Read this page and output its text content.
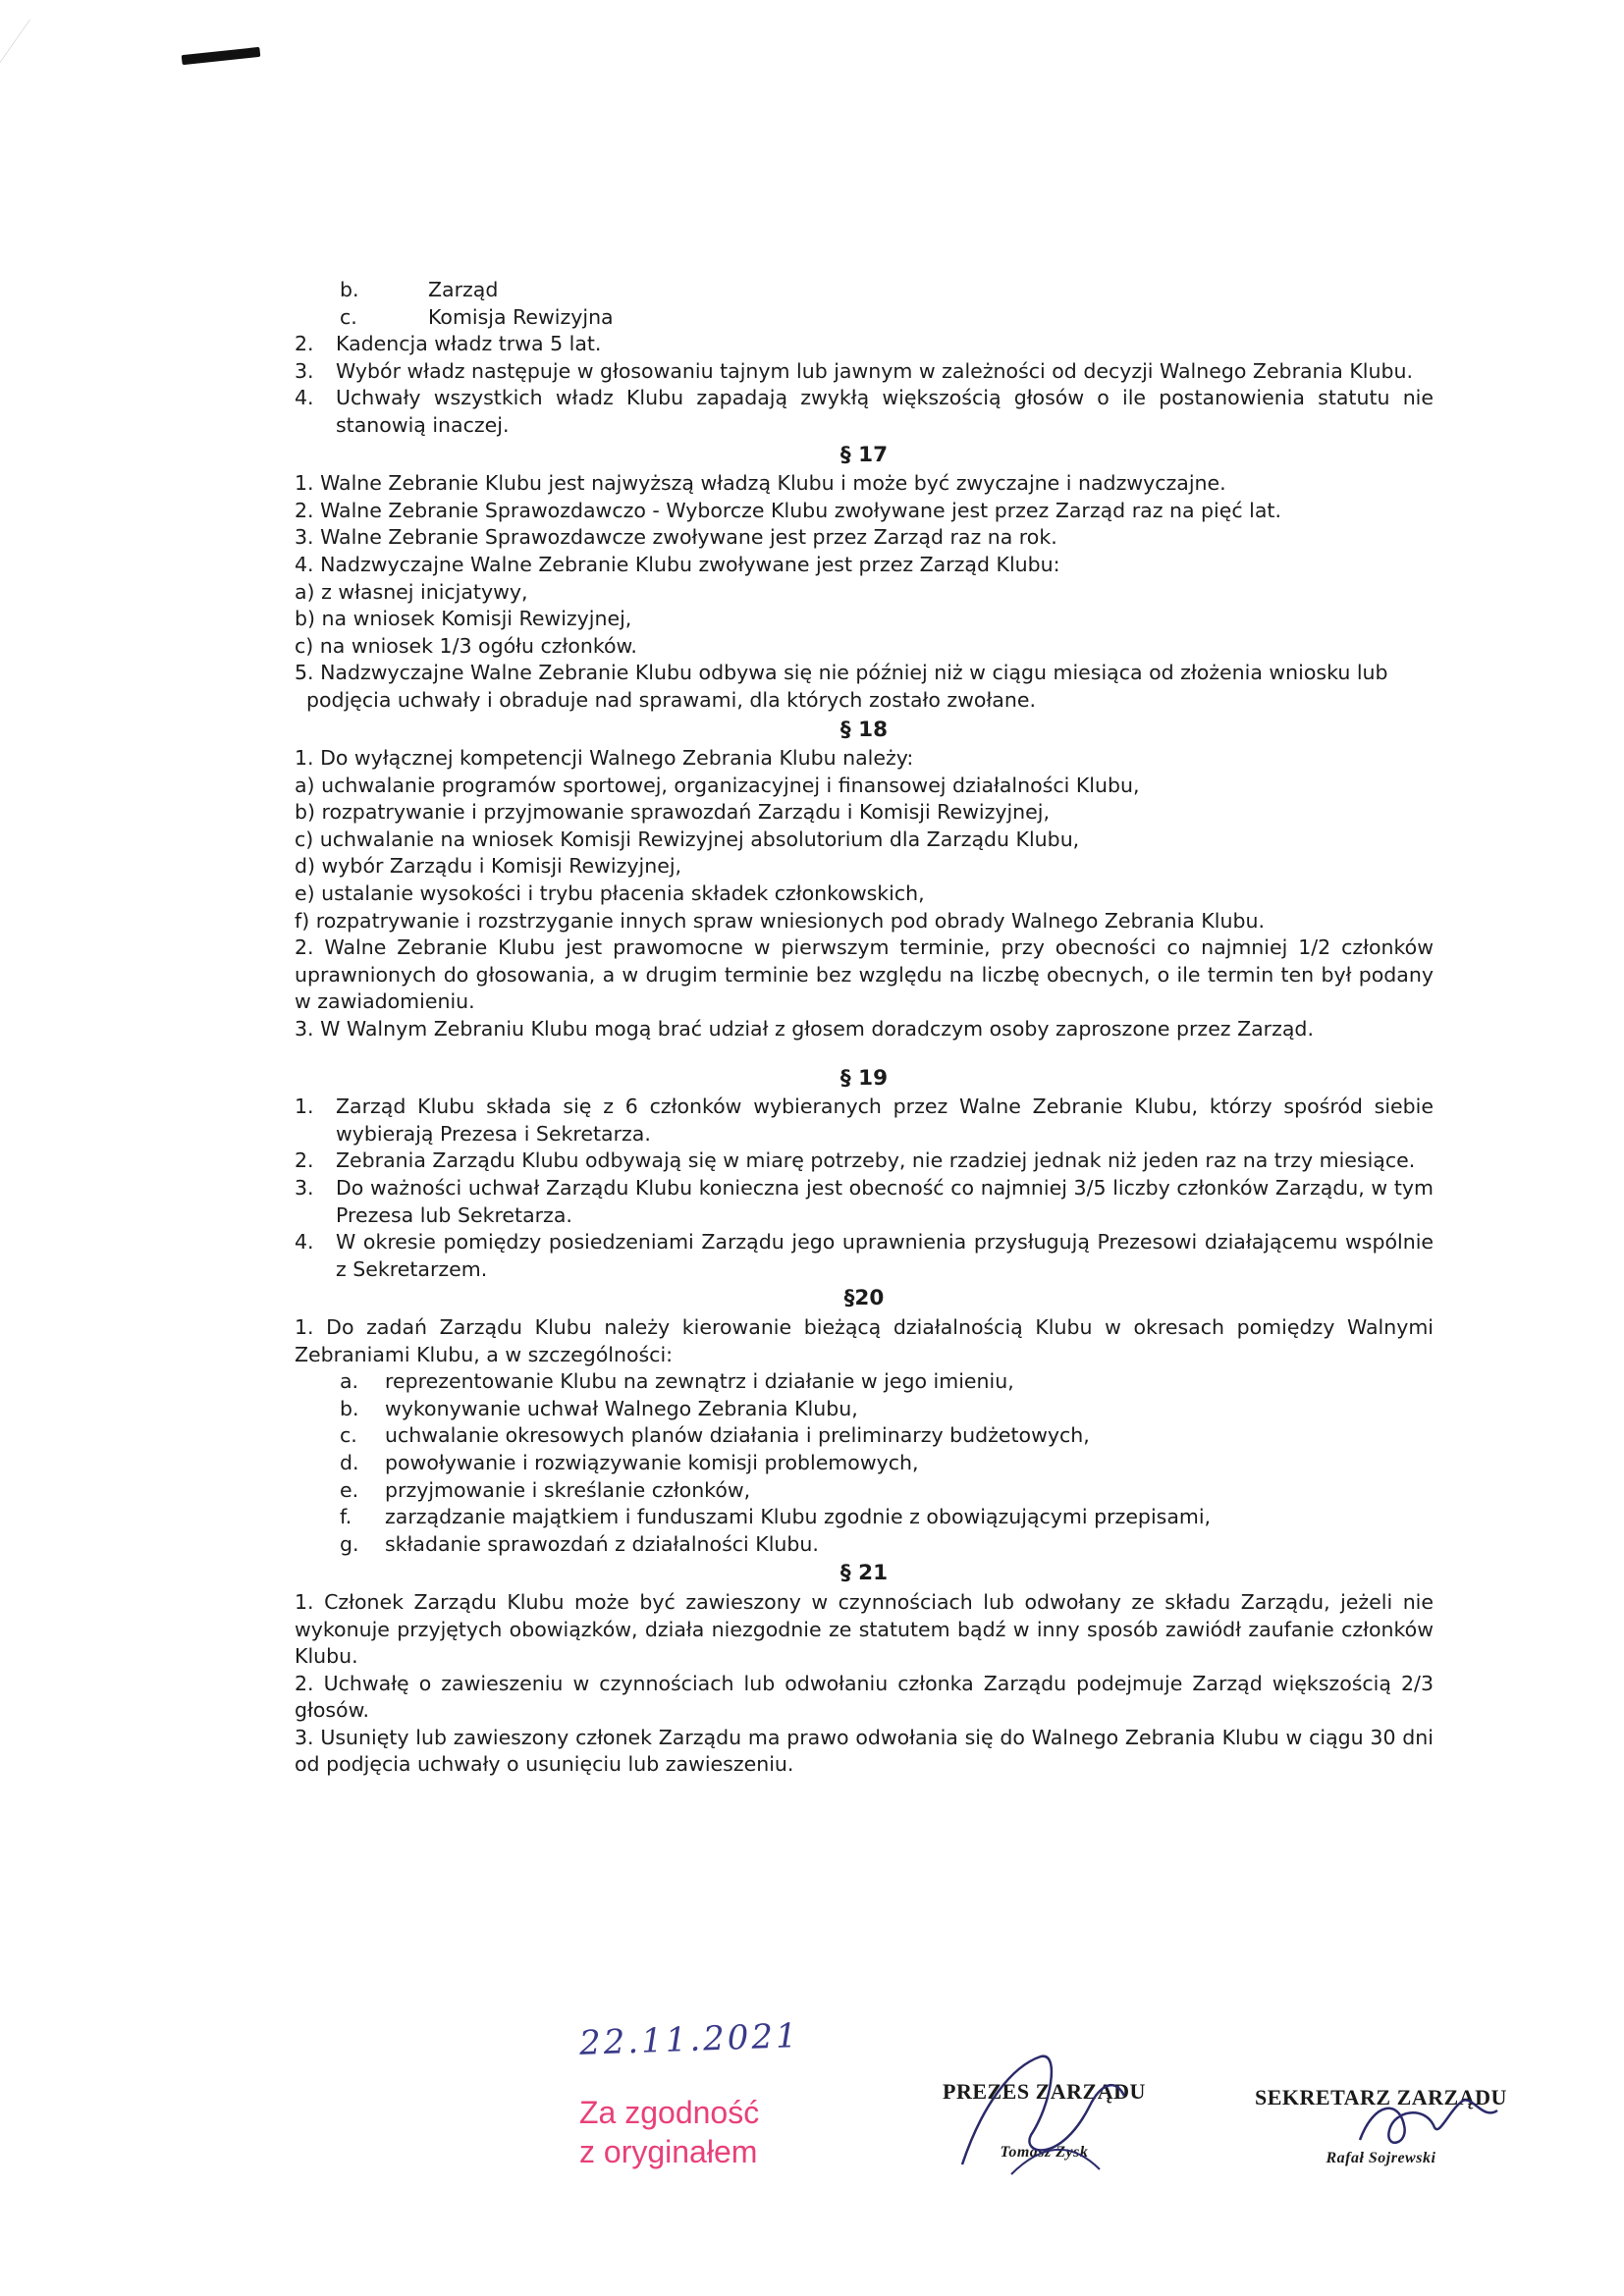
b.	Zarząd
c.	Komisja Rewizyjna
2.	Kadencja władz trwa 5 lat.
3.	Wybór władz następuje w głosowaniu tajnym lub jawnym w zależności od decyzji Walnego Zebrania Klubu.
4.	Uchwały wszystkich władz Klubu zapadają zwykłą większością głosów o ile postanowienia statutu nie stanowią inaczej.
§ 17
1. Walne Zebranie Klubu jest najwyższą władzą Klubu i może być zwyczajne i nadzwyczajne.
2. Walne Zebranie Sprawozdawczo - Wyborcze Klubu zwoływane jest przez Zarząd raz na pięć lat.
3. Walne Zebranie Sprawozdawcze zwoływane jest przez Zarząd raz na rok.
4. Nadzwyczajne Walne Zebranie Klubu zwoływane jest przez Zarząd Klubu:
a) z własnej inicjatywy,
b) na wniosek Komisji Rewizyjnej,
c) na wniosek 1/3 ogółu członków.
5. Nadzwyczajne Walne Zebranie Klubu odbywa się nie później niż w ciągu miesiąca od złożenia wniosku lub
podjęcia uchwały i obraduje nad sprawami, dla których zostało zwołane.
§ 18
1. Do wyłącznej kompetencji Walnego Zebrania Klubu należy:
a) uchwalanie programów sportowej, organizacyjnej i finansowej działalności Klubu,
b) rozpatrywanie i przyjmowanie sprawozdań Zarządu i Komisji Rewizyjnej,
c) uchwalanie na wniosek Komisji Rewizyjnej absolutorium dla Zarządu Klubu,
d) wybór Zarządu i Komisji Rewizyjnej,
e) ustalanie wysokości i trybu płacenia składek członkowskich,
f) rozpatrywanie i rozstrzyganie innych spraw wniesionych pod obrady Walnego Zebrania Klubu.
2. Walne Zebranie Klubu jest prawomocne w pierwszym terminie, przy obecności co najmniej 1/2 członków uprawnionych do głosowania, a w drugim terminie bez względu na liczbę obecnych, o ile termin ten był podany w zawiadomieniu.
3. W Walnym Zebraniu Klubu mogą brać udział z głosem doradczym osoby zaproszone przez Zarząd.
§ 19
1.	Zarząd Klubu składa się z 6 członków wybieranych przez Walne Zebranie Klubu, którzy spośród siebie wybierają Prezesa i Sekretarza.
2.	Zebrania Zarządu Klubu odbywają się w miarę potrzeby, nie rzadziej jednak niż jeden raz na trzy miesiące.
3.	Do ważności uchwał Zarządu Klubu konieczna jest obecność co najmniej 3/5 liczby członków Zarządu, w tym Prezesa lub Sekretarza.
4.	W okresie pomiędzy posiedzeniami Zarządu jego uprawnienia przysługują Prezesowi działającemu wspólnie z Sekretarzem.
§20
1. Do zadań Zarządu Klubu należy kierowanie bieżącą działalnością Klubu w okresach pomiędzy Walnymi Zebraniami Klubu, a w szczególności:
a. reprezentowanie Klubu na zewnątrz i działanie w jego imieniu,
b. wykonywanie uchwał Walnego Zebrania Klubu,
c. uchwalanie okresowych planów działania i preliminarzy budżetowych,
d. powoływanie i rozwiązywanie komisji problemowych,
e. przyjmowanie i skreślanie członków,
f. zarządzanie majątkiem i funduszami Klubu zgodnie z obowiązującymi przepisami,
g. składanie sprawozdań z działalności Klubu.
§ 21
1. Członek Zarządu Klubu może być zawieszony w czynnościach lub odwołany ze składu Zarządu, jeżeli nie wykonuje przyjętych obowiązków, działa niezgodnie ze statutem bądź w inny sposób zawiódł zaufanie członków Klubu.
2. Uchwałę o zawieszeniu w czynnościach lub odwołaniu członka Zarządu podejmuje Zarząd większością 2/3 głosów.
3. Usunięty lub zawieszony członek Zarządu ma prawo odwołania się do Walnego Zebrania Klubu w ciągu 30 dni od podjęcia uchwały o usunięciu lub zawieszeniu.
22.11.2021
Za zgodność
z oryginałem
PREZES ZARZĄDU
Tomasz Zysk
SEKRETARZ ZARZĄDU
Rafał Sojrewski
